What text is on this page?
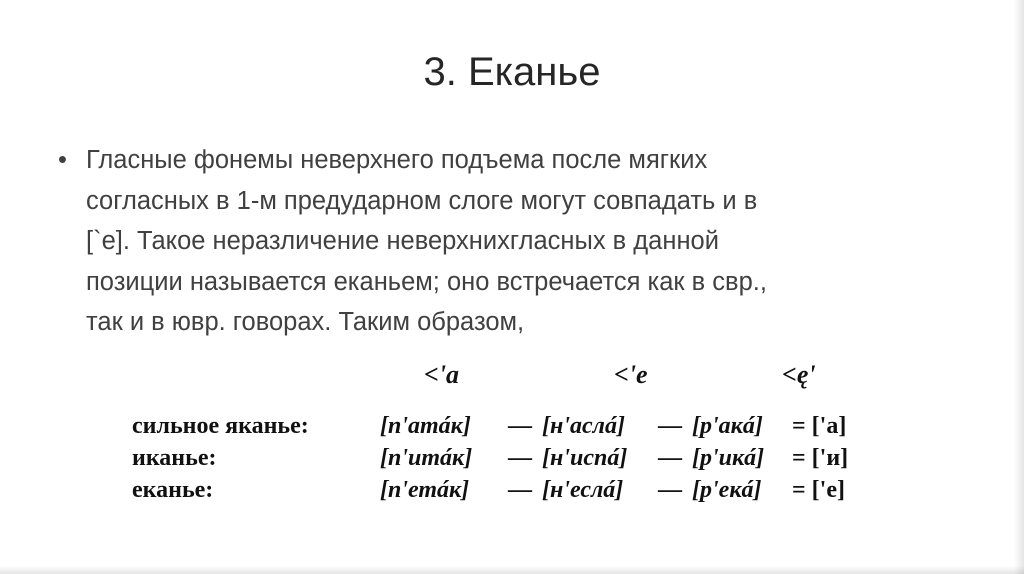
3. Еканье
• Гласные фонемы неверхнего подъема после мягких
согласных в 1-м предударном слоге могут совпадать и в
[`е]. Такое неразличение неверхнихгласных в данной
позиции называется еканьем; оно встречается как в свр.,
так и в ювр. говорах. Таким образом,
<'а	<'е	<ę'
сильное яканье:	[п'атáк] — [н'аслá] — [р'aкá] = ['а]
иканье:	[п'итáк] — [н'испá] — [р'икá] = ['и]
еканье:	[п'етáк] — [н'еслá] — [р'екá] = ['е]
